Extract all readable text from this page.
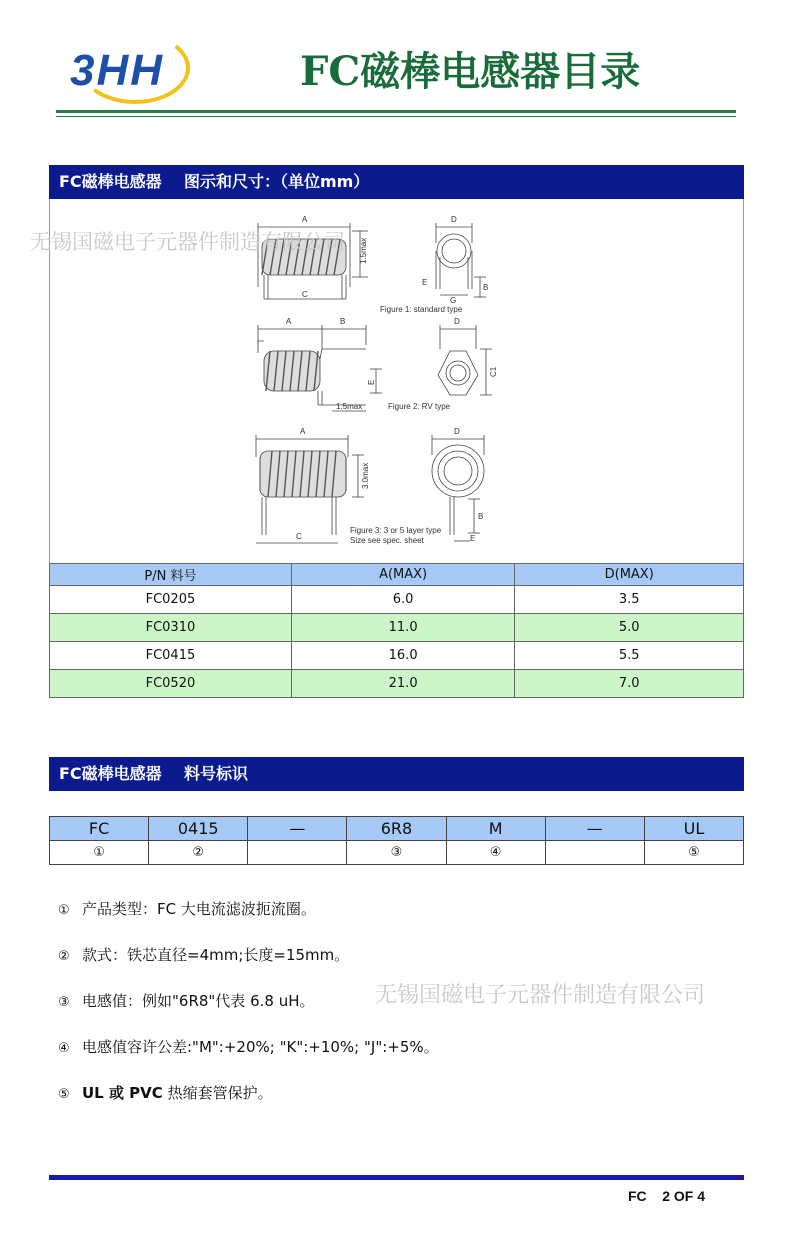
3HH	FC磁棒电感器目录
FC磁棒电感器    图示和尺寸：（单位mm）
A
C
1.5max
D
E
G
B
Figure 1: standard type
A	B
E
1.5max	Figure 2: RV type
D
C1
A
3.0max
C
D
B
E
Figure 3: 3 or 5 layer type
Size see spec. sheet
无锡国磁电子元器件制造有限公司
P/N 料号	A(MAX)	D(MAX)
FC0205	6.0	3.5
FC0310	11.0	5.0
FC0415	16.0	5.5
FC0520	21.0	7.0
FC磁棒电感器    料号标识
FC	0415	—	6R8	M	—	UL
①	②		③	④		⑤
① 产品类型：FC 大电流滤波扼流圈。
② 款式：铁芯直径=4mm;长度=15mm。
③ 电感值：例如"6R8"代表 6.8 uH。
④ 电感值容许公差:"M":+20%; "K":+10%; "J":+5%。
⑤ UL 或 PVC 热缩套管保护。
无锡国磁电子元器件制造有限公司
FC    2 OF 4
